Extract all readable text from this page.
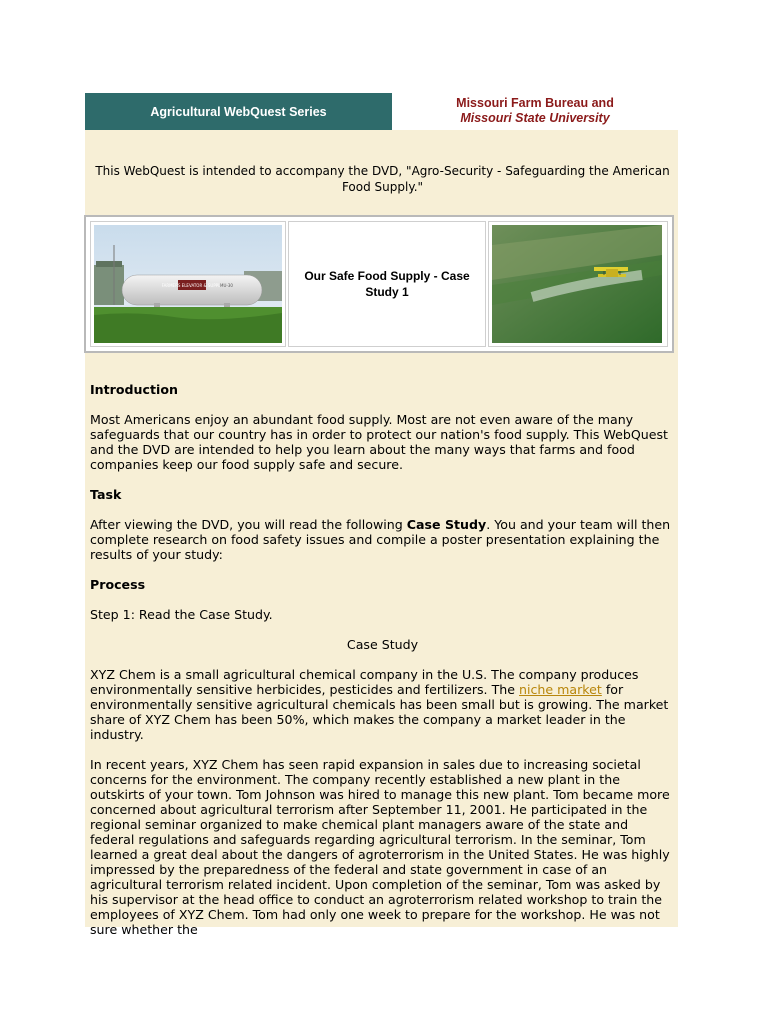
Agricultural WebQuest Series
Missouri Farm Bureau and
Missouri State University
This WebQuest is intended to accompany the DVD, "Agro-Security - Safeguarding the American Food Supply."
FARMERS ELEVATOR & SUPPLY
MU-30
Our Safe Food Supply - Case Study 1
Introduction

Most Americans enjoy an abundant food supply. Most are not even aware of the many safeguards that our country has in order to protect our nation's food supply. This WebQuest and the DVD are intended to help you learn about the many ways that farms and food companies keep our food supply safe and secure.

Task

After viewing the DVD, you will read the following Case Study. You and your team will then complete research on food safety issues and compile a poster presentation explaining the results of your study:

Process

Step 1: Read the Case Study.

Case Study

XYZ Chem is a small agricultural chemical company in the U.S. The company produces environmentally sensitive herbicides, pesticides and fertilizers. The niche market for environmentally sensitive agricultural chemicals has been small but is growing. The market share of XYZ Chem has been 50%, which makes the company a market leader in the industry.

In recent years, XYZ Chem has seen rapid expansion in sales due to increasing societal concerns for the environment. The company recently established a new plant in the outskirts of your town. Tom Johnson was hired to manage this new plant. Tom became more concerned about agricultural terrorism after September 11, 2001. He participated in the regional seminar organized to make chemical plant managers aware of the state and federal regulations and safeguards regarding agricultural terrorism. In the seminar, Tom learned a great deal about the dangers of agroterrorism in the United States. He was highly impressed by the preparedness of the federal and state government in case of an agricultural terrorism related incident. Upon completion of the seminar, Tom was asked by his supervisor at the head office to conduct an agroterrorism related workshop to train the employees of XYZ Chem. Tom had only one week to prepare for the workshop. He was not sure whether the
